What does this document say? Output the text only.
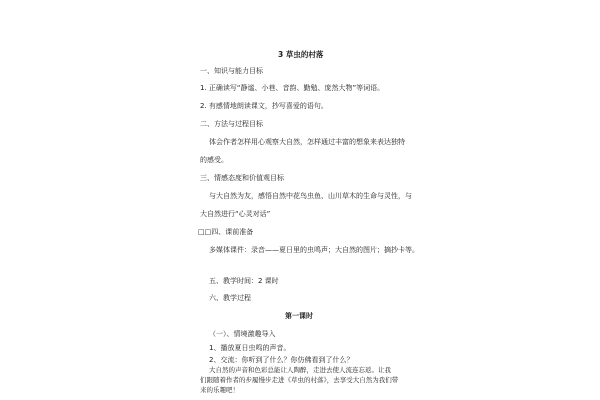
3 草虫的村落
一、知识与能力目标
1. 正确读写“静谧、小巷、音韵、勤勉、庞然大物”等词语。
2. 有感情地朗读课文，抄写喜爱的语句。
二、方法与过程目标
体会作者怎样用心观察大自然，怎样通过丰富的想象来表达独特
的感受。
三、情感态度和价值观目标
与大自然为友，感悟自然中花鸟虫鱼、山川草木的生命与灵性，与
大自然进行“心灵对话”
□□四、课前准备
多媒体课件：录音——夏日里的虫鸣声；大自然的图片；摘抄卡等。
五、教学时间：2 课时
六、教学过程
第一课时
（一）、情境激趣导入
1、播放夏日虫鸣的声音。
2、交流：你听到了什么？你仿佛看到了什么？
大自然的声音和色彩总能让人陶醉，走进去使人流连忘返。让我
们跟随着作者的步履慢步走进《草虫的村落》，去享受大自然为我们带
来的乐趣吧！
